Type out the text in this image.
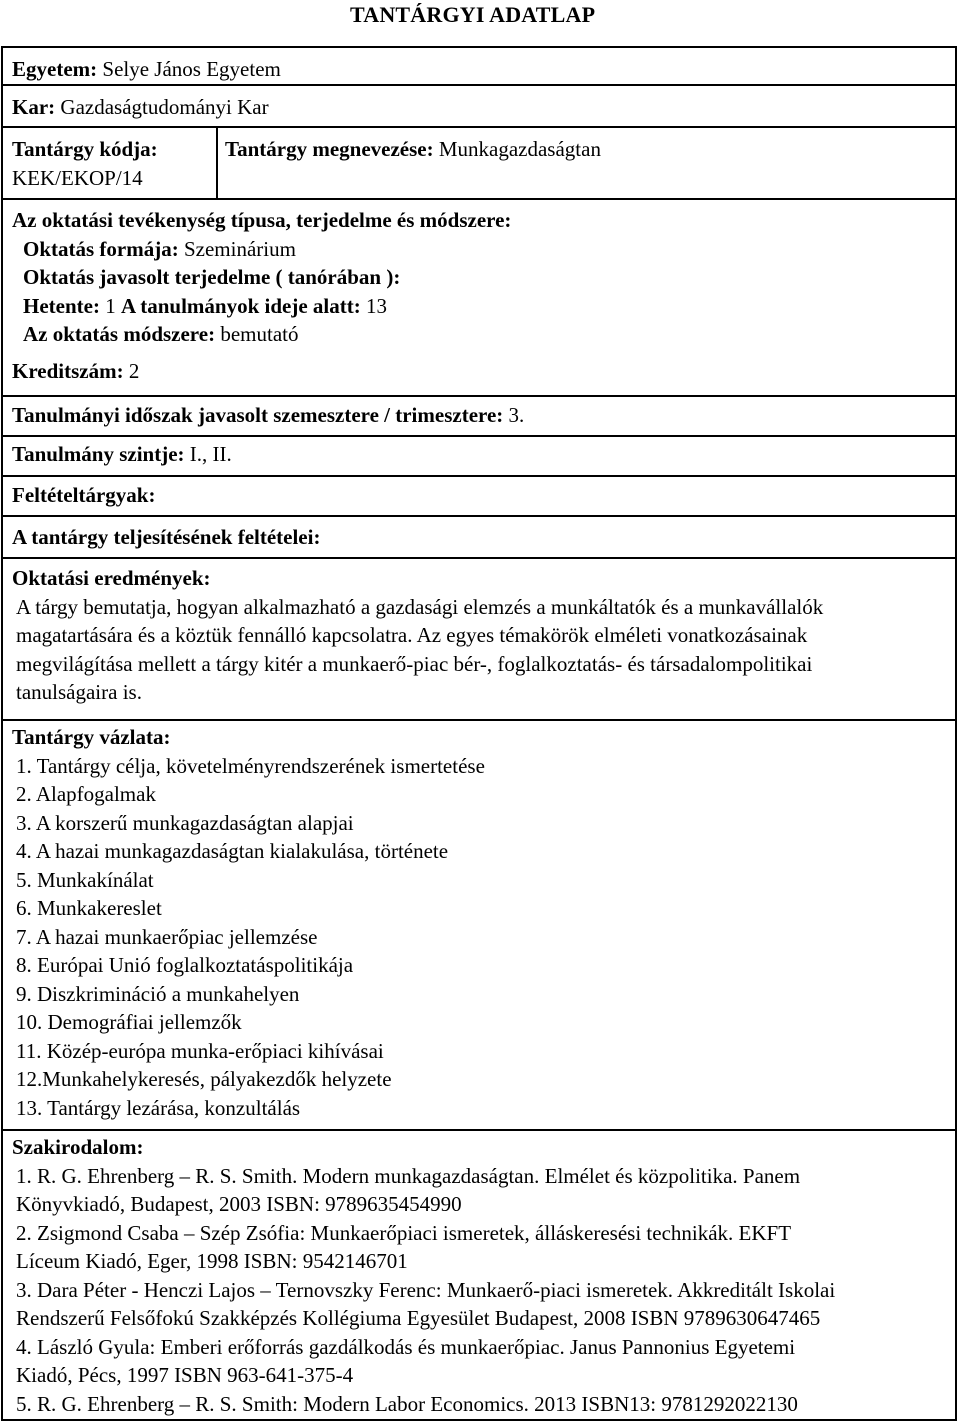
TANTÁRGYI ADATLAP
Egyetem: Selye János Egyetem
Kar: Gazdaságtudományi Kar
Tantárgy kódja:
KEK/EKOP/14
Tantárgy megnevezése: Munkagazdaságtan

Az oktatási tevékenység típusa, terjedelme és módszere:

Oktatás formája: Szeminárium

Oktatás javasolt terjedelme ( tanórában ):

Hetente: 1 A tanulmányok ideje alatt: 13

Az oktatás módszere: bemutató

Kreditszám: 2
Tanulmányi időszak javasolt szemesztere / trimesztere: 3.
Tanulmány szintje: I., II.
Feltételtárgyak:
A tantárgy teljesítésének feltételei:

Oktatási eredmények:

A tárgy bemutatja, hogyan alkalmazható a gazdasági elemzés a munkáltatók és a munkavállalók

magatartására és a köztük fennálló kapcsolatra. Az egyes témakörök elméleti vonatkozásainak

megvilágítása mellett a tárgy kitér a munkaerő-piac bér-, foglalkoztatás- és társadalompolitikai

tanulságaira is.

Tantárgy vázlata:

1. Tantárgy célja, követelményrendszerének ismertetése

2. Alapfogalmak

3. A korszerű munkagazdaságtan alapjai

4. A hazai munkagazdaságtan kialakulása, története

5. Munkakínálat

6. Munkakereslet

7. A hazai munkaerőpiac jellemzése

8. Európai Unió foglalkoztatáspolitikája

9. Diszkrimináció a munkahelyen

10. Demográfiai jellemzők

11. Közép-európa munka-erőpiaci kihívásai

12.Munkahelykeresés, pályakezdők helyzete

13. Tantárgy lezárása, konzultálás

Szakirodalom:

1. R. G. Ehrenberg – R. S. Smith. Modern munkagazdaságtan. Elmélet és közpolitika. Panem

Könyvkiadó, Budapest, 2003 ISBN: 9789635454990

2. Zsigmond Csaba – Szép Zsófia: Munkaerőpiaci ismeretek, álláskeresési technikák. EKFT

Líceum Kiadó, Eger, 1998 ISBN: 9542146701

3. Dara Péter - Henczi Lajos – Ternovszky Ferenc: Munkaerő-piaci ismeretek. Akkreditált Iskolai

Rendszerű Felsőfokú Szakképzés Kollégiuma Egyesület Budapest, 2008 ISBN 9789630647465

4. László Gyula: Emberi erőforrás gazdálkodás és munkaerőpiac. Janus Pannonius Egyetemi

Kiadó, Pécs, 1997 ISBN 963-641-375-4

5. R. G. Ehrenberg – R. S. Smith: Modern Labor Economics. 2013 ISBN13: 9781292022130
